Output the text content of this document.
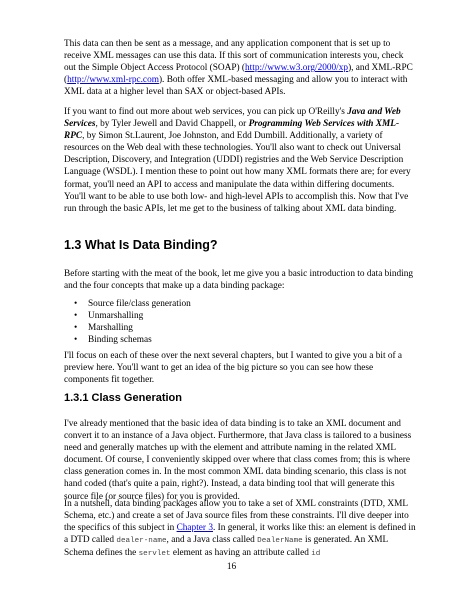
This data can then be sent as a message, and any application component that is set up to receive XML messages can use this data. If this sort of communication interests you, check out the Simple Object Access Protocol (SOAP) (http://www.w3.org/2000/xp), and XML-RPC (http://www.xml-rpc.com). Both offer XML-based messaging and allow you to interact with XML data at a higher level than SAX or object-based APIs.

If you want to find out more about web services, you can pick up O'Reilly's Java and Web Services, by Tyler Jewell and David Chappell, or Programming Web Services with XML-RPC, by Simon St.Laurent, Joe Johnston, and Edd Dumbill. Additionally, a variety of resources on the Web deal with these technologies. You'll also want to check out Universal Description, Discovery, and Integration (UDDI) registries and the Web Service Description Language (WSDL). I mention these to point out how many XML formats there are; for every format, you'll need an API to access and manipulate the data within differing documents. You'll want to be able to use both low- and high-level APIs to accomplish this. Now that I've run through the basic APIs, let me get to the business of talking about XML data binding.

1.3 What Is Data Binding?

Before starting with the meat of the book, let me give you a basic introduction to data binding and the four concepts that make up a data binding package:

• Source file/class generation
• Unmarshalling
• Marshalling
• Binding schemas

I'll focus on each of these over the next several chapters, but I wanted to give you a bit of a preview here. You'll want to get an idea of the big picture so you can see how these components fit together.

1.3.1 Class Generation

I've already mentioned that the basic idea of data binding is to take an XML document and convert it to an instance of a Java object. Furthermore, that Java class is tailored to a business need and generally matches up with the element and attribute naming in the related XML document. Of course, I conveniently skipped over where that class comes from; this is where class generation comes in. In the most common XML data binding scenario, this class is not hand coded (that's quite a pain, right?). Instead, a data binding tool that will generate this source file (or source files) for you is provided.

In a nutshell, data binding packages allow you to take a set of XML constraints (DTD, XML Schema, etc.) and create a set of Java source files from these constraints. I'll dive deeper into the specifics of this subject in Chapter 3. In general, it works like this: an element is defined in a DTD called dealer-name, and a Java class called DealerName is generated. An XML Schema defines the servlet element as having an attribute called id

16
